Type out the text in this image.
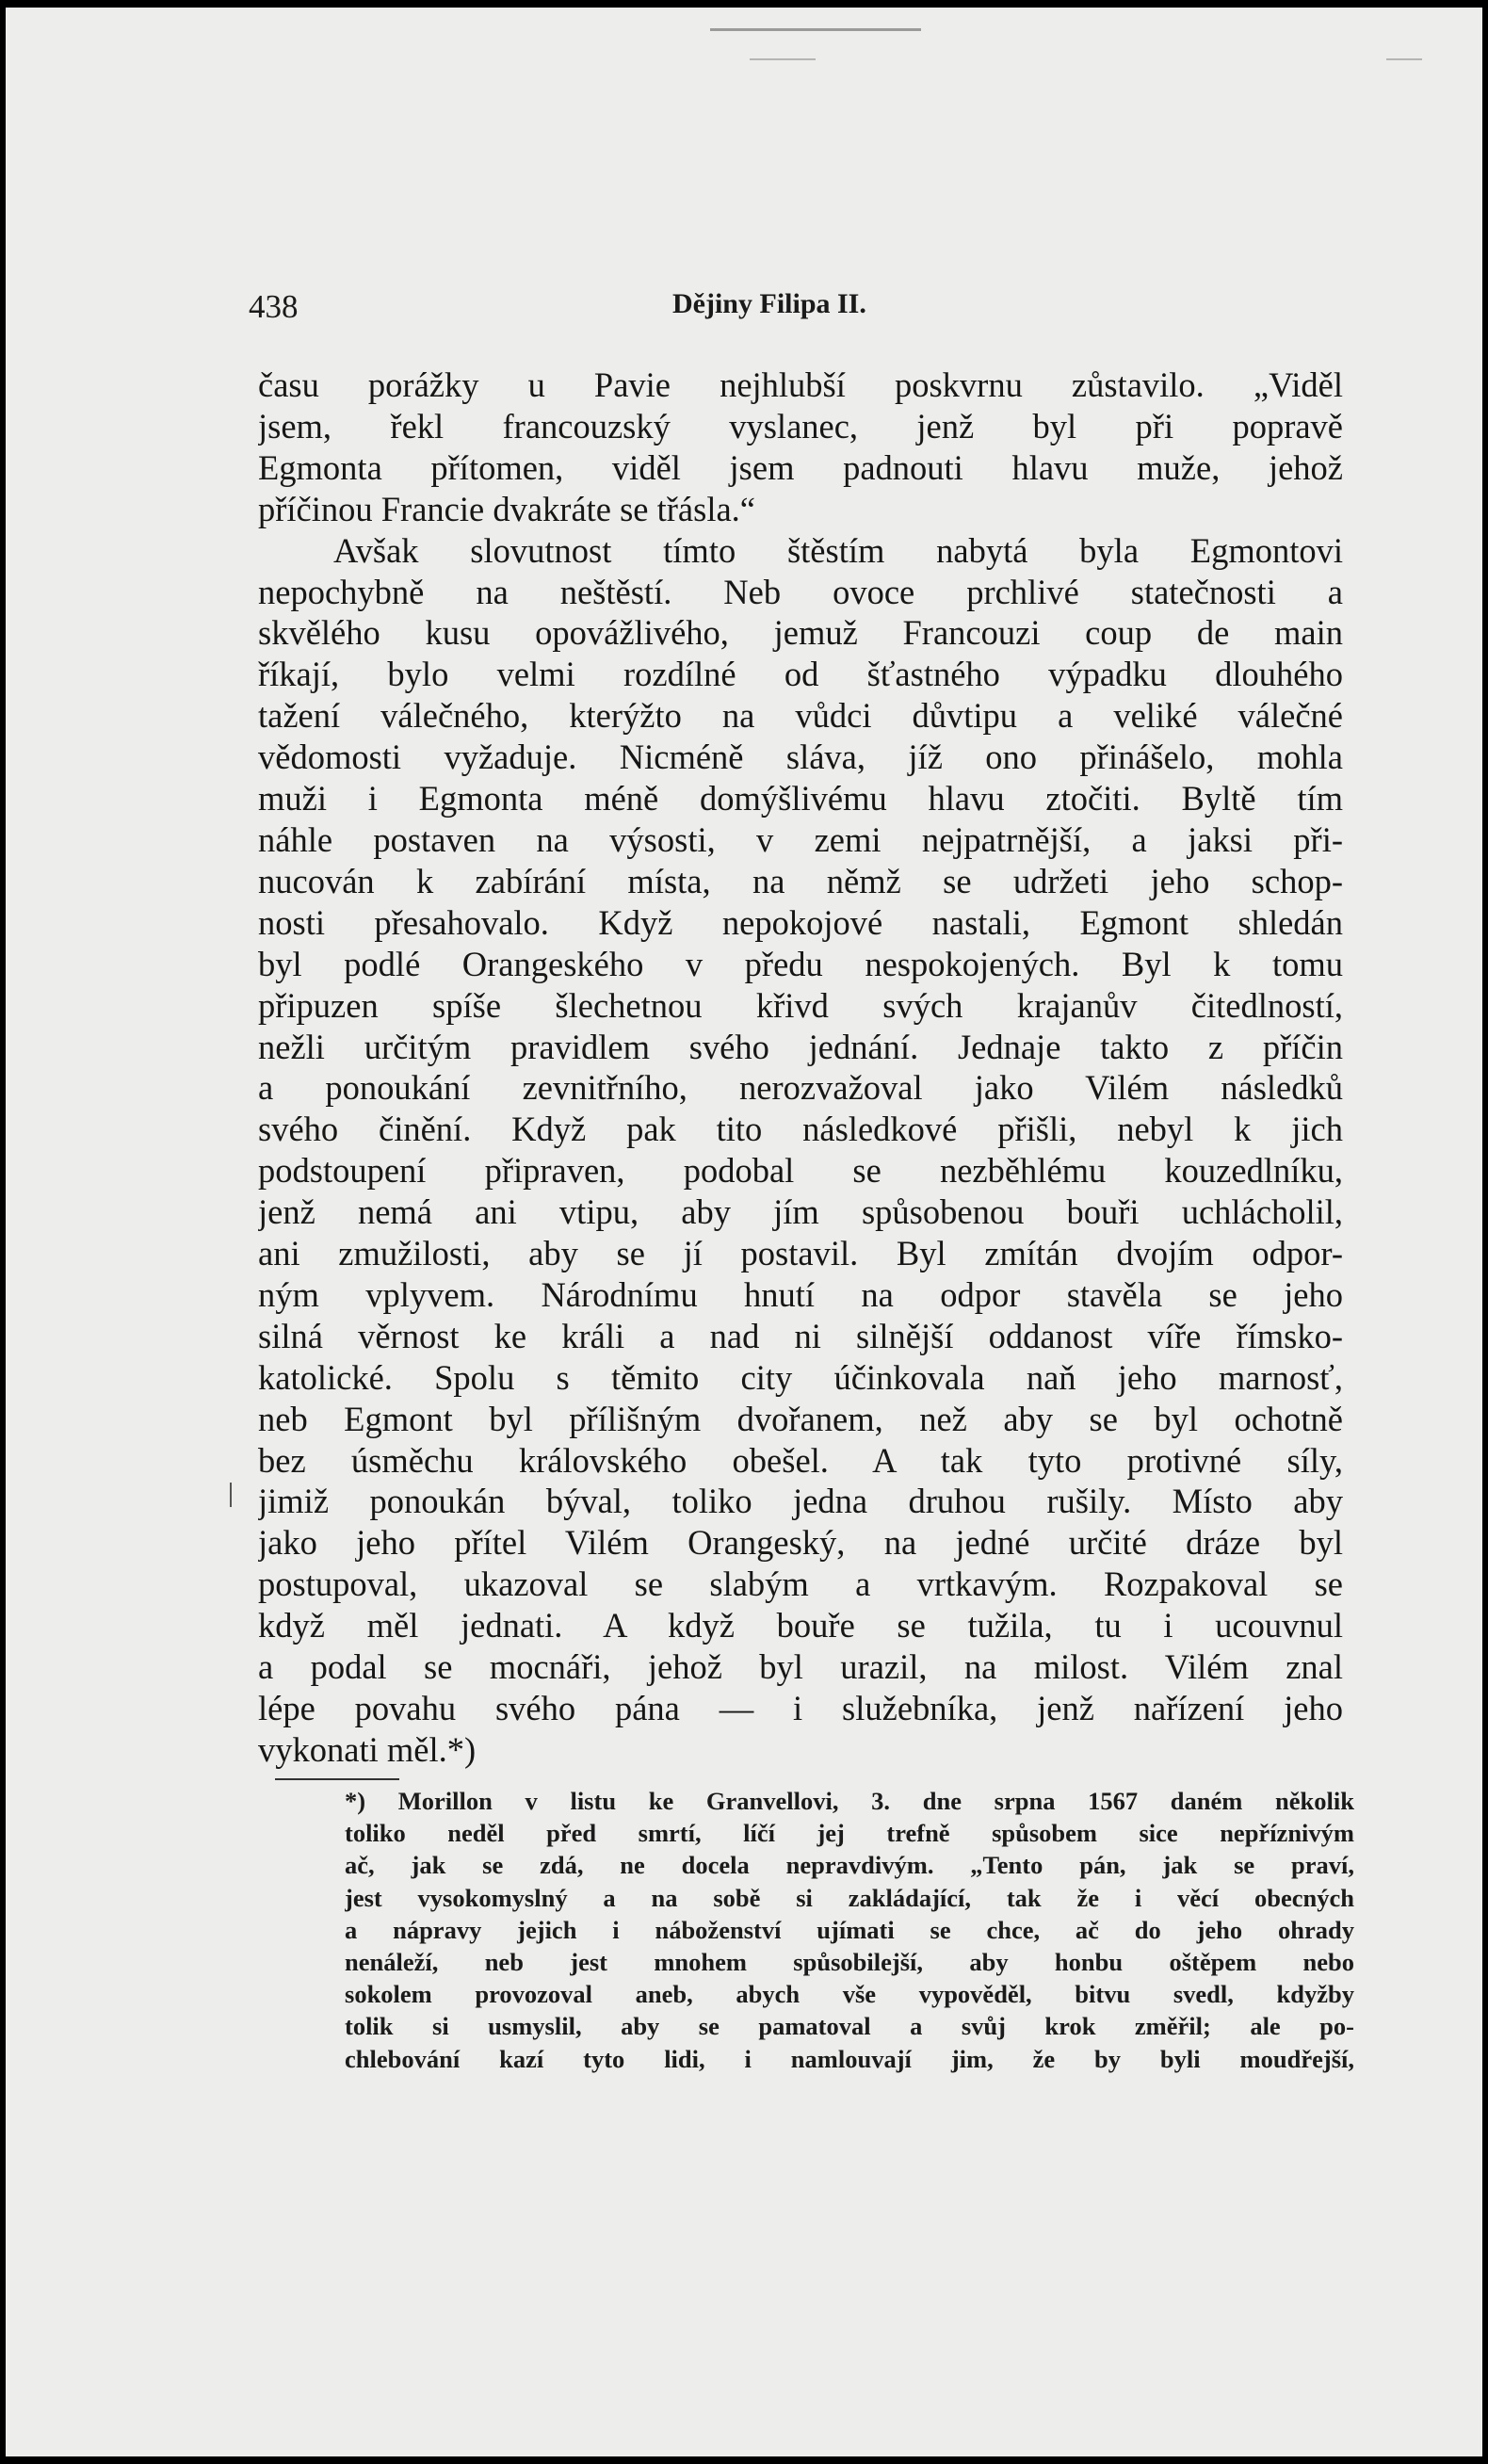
438	Dějiny Filipa II.
času porážky u Pavie nejhlubší poskvrnu zůstavilo. „Viděl
jsem, řekl francouzský vyslanec, jenž byl při popravě
Egmonta přítomen, viděl jsem padnouti hlavu muže, jehož
příčinou Francie dvakráte se třásla.“
Avšak slovutnost tímto štěstím nabytá byla Egmontovi
nepochybně na neštěstí. Neb ovoce prchlivé statečnosti a
skvělého kusu opovážlivého, jemuž Francouzi coup de main
říkají, bylo velmi rozdílné od šťastného výpadku dlouhého
tažení válečného, kterýžto na vůdci důvtipu a veliké válečné
vědomosti vyžaduje. Nicméně sláva, jíž ono přinášelo, mohla
muži i Egmonta méně domýšlivému hlavu ztočiti. Byltě tím
náhle postaven na výsosti, v zemi nejpatrnější, a jaksi při-
nucován k zabírání místa, na němž se udržeti jeho schop-
nosti přesahovalo. Když nepokojové nastali, Egmont shledán
byl podlé Orangeského v předu nespokojených. Byl k tomu
připuzen spíše šlechetnou křivd svých krajanův čitedlností,
nežli určitým pravidlem svého jednání. Jednaje takto z příčin
a ponoukání zevnitřního, nerozvažoval jako Vilém následků
svého činění. Když pak tito následkové přišli, nebyl k jich
podstoupení připraven, podobal se nezběhlému kouzedlníku,
jenž nemá ani vtipu, aby jím spůsobenou bouři uchlácholil,
ani zmužilosti, aby se jí postavil. Byl zmítán dvojím odpor-
ným vplyvem. Národnímu hnutí na odpor stavěla se jeho
silná věrnost ke králi a nad ni silnější oddanost víře římsko-
katolické. Spolu s těmito city účinkovala naň jeho marnosť,
neb Egmont byl přílišným dvořanem, než aby se byl ochotně
bez úsměchu královského obešel. A tak tyto protivné síly,
jimiž ponoukán býval, toliko jedna druhou rušily. Místo aby
jako jeho přítel Vilém Orangeský, na jedné určité dráze byl
postupoval, ukazoval se slabým a vrtkavým. Rozpakoval se
když měl jednati. A když bouře se tužila, tu i ucouvnul
a podal se mocnáři, jehož byl urazil, na milost. Vilém znal
lépe povahu svého pána — i služebníka, jenž nařízení jeho
vykonati měl.*)
*) Morillon v listu ke Granvellovi, 3. dne srpna 1567 daném několik
toliko neděl před smrtí, líčí jej trefně spůsobem sice nepříznivým
ač, jak se zdá, ne docela nepravdivým. „Tento pán, jak se praví,
jest vysokomyslný a na sobě si zakládající, tak že i věcí obecných
a nápravy jejich i náboženství ujímati se chce, ač do jeho ohrady
nenáleží, neb jest mnohem spůsobilejší, aby honbu oštěpem nebo
sokolem provozoval aneb, abych vše vypověděl, bitvu svedl, kdyžby
tolik si usmyslil, aby se pamatoval a svůj krok změřil; ale po-
chlebování kazí tyto lidi, i namlouvají jim, že by byli moudřejší,
